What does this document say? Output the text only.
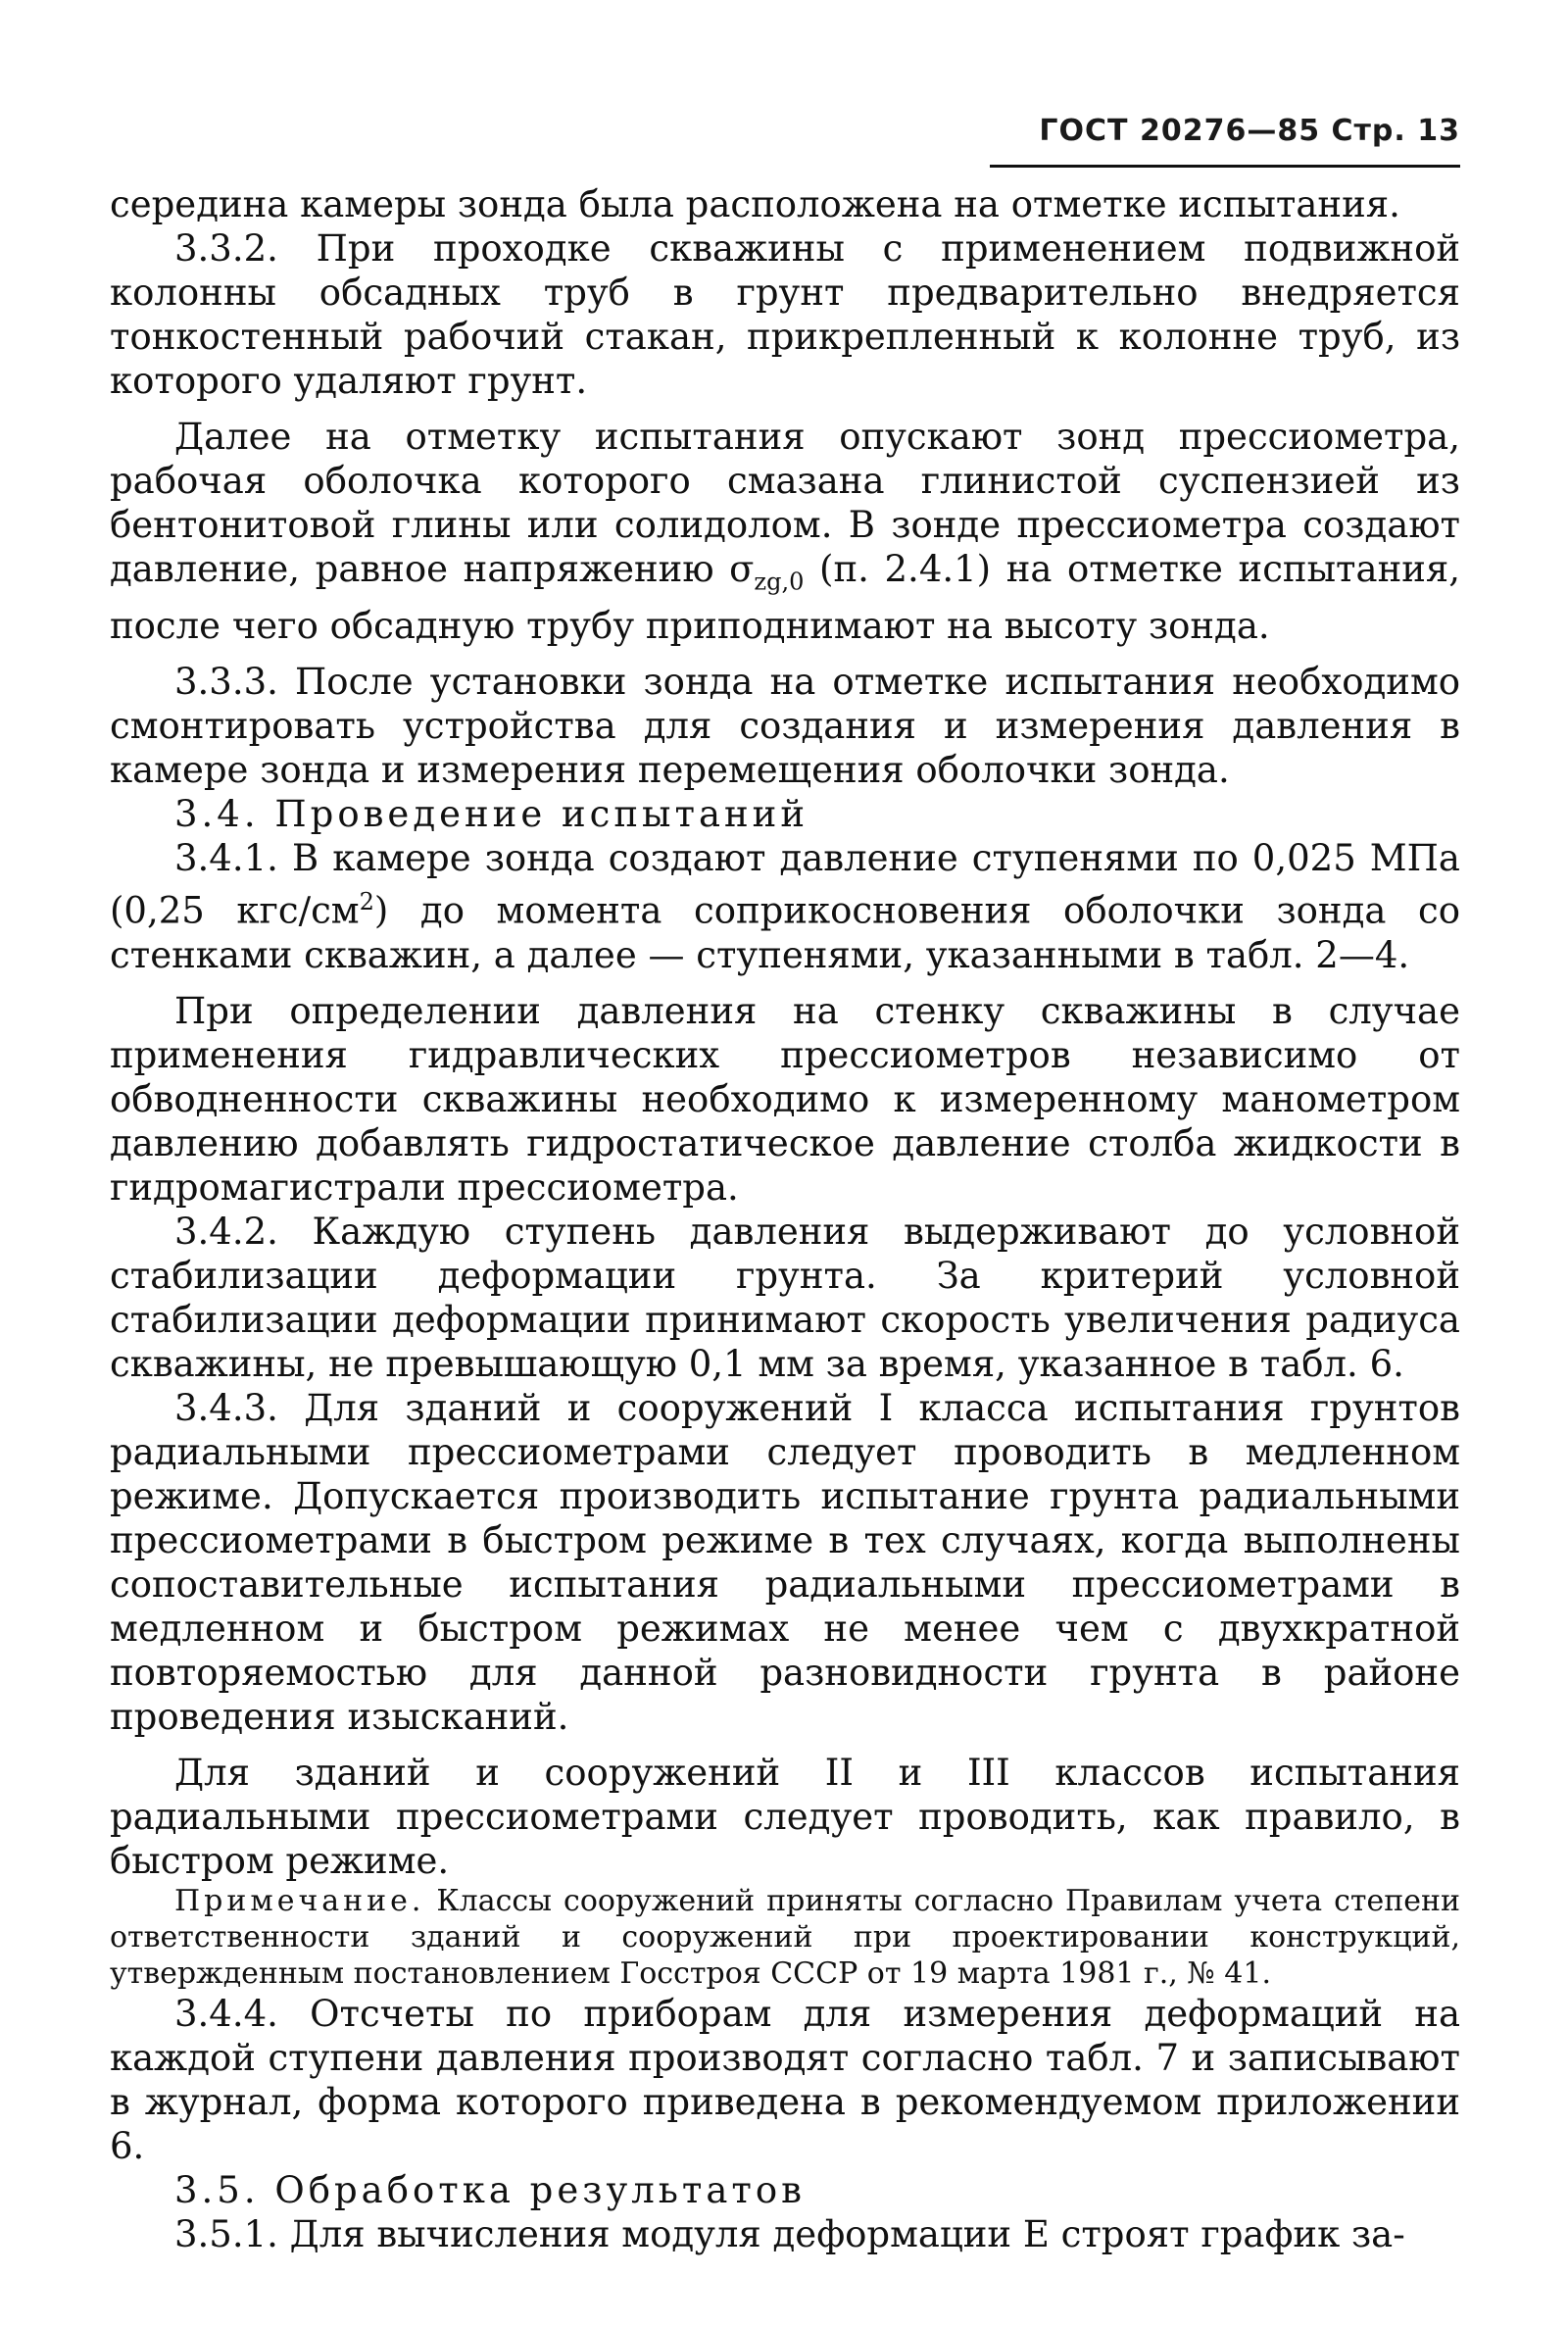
ГОСТ 20276—85 Стр. 13

середина камеры зонда была расположена на отметке испытания.

3.3.2. При проходке скважины с применением подвижной колонны обсадных труб в грунт предварительно внедряется тонкостенный рабочий стакан, прикрепленный к колонне труб, из которого удаляют грунт.

Далее на отметку испытания опускают зонд прессиометра, рабочая оболочка которого смазана глинистой суспензией из бентонитовой глины или солидолом. В зонде прессиометра создают давление, равное напряжению $\sigma_{zg,0}$ (п. 2.4.1) на отметке испытания, после чего обсадную трубу приподнимают на высоту зонда.

3.3.3. После установки зонда на отметке испытания необходимо смонтировать устройства для создания и измерения давления в камере зонда и измерения перемещения оболочки зонда.

3.4. Проведение испытаний

3.4.1. В камере зонда создают давление ступенями по 0,025 МПа (0,25 кгс/$см^2$) до момента соприкосновения оболочки зонда со стенками скважин, а далее — ступенями, указанными в табл. 2—4.

При определении давления на стенку скважины в случае применения гидравлических прессиометров независимо от обводненности скважины необходимо к измеренному манометром давлению добавлять гидростатическое давление столба жидкости в гидромагистрали прессиометра.

3.4.2. Каждую ступень давления выдерживают до условной стабилизации деформации грунта. За критерий условной стабилизации деформации принимают скорость увеличения радиуса скважины, не превышающую 0,1 мм за время, указанное в табл. 6.

3.4.3. Для зданий и сооружений I класса испытания грунтов радиальными прессиометрами следует проводить в медленном режиме. Допускается производить испытание грунта радиальными прессиометрами в быстром режиме в тех случаях, когда выполнены сопоставительные испытания радиальными прессиометрами в медленном и быстром режимах не менее чем с двухкратной повторяемостью для данной разновидности грунта в районе проведения изысканий.

Для зданий и сооружений II и III классов испытания радиальными прессиометрами следует проводить, как правило, в быстром режиме.

Примечание. Классы сооружений приняты согласно Правилам учета степени ответственности зданий и сооружений при проектировании конструкций, утвержденным постановлением Госстроя СССР от 19 марта 1981 г., № 41.

3.4.4. Отсчеты по приборам для измерения деформаций на каждой ступени давления производят согласно табл. 7 и записывают в журнал, форма которого приведена в рекомендуемом приложении 6.

3.5. Обработка результатов

3.5.1. Для вычисления модуля деформации E строят график за-
